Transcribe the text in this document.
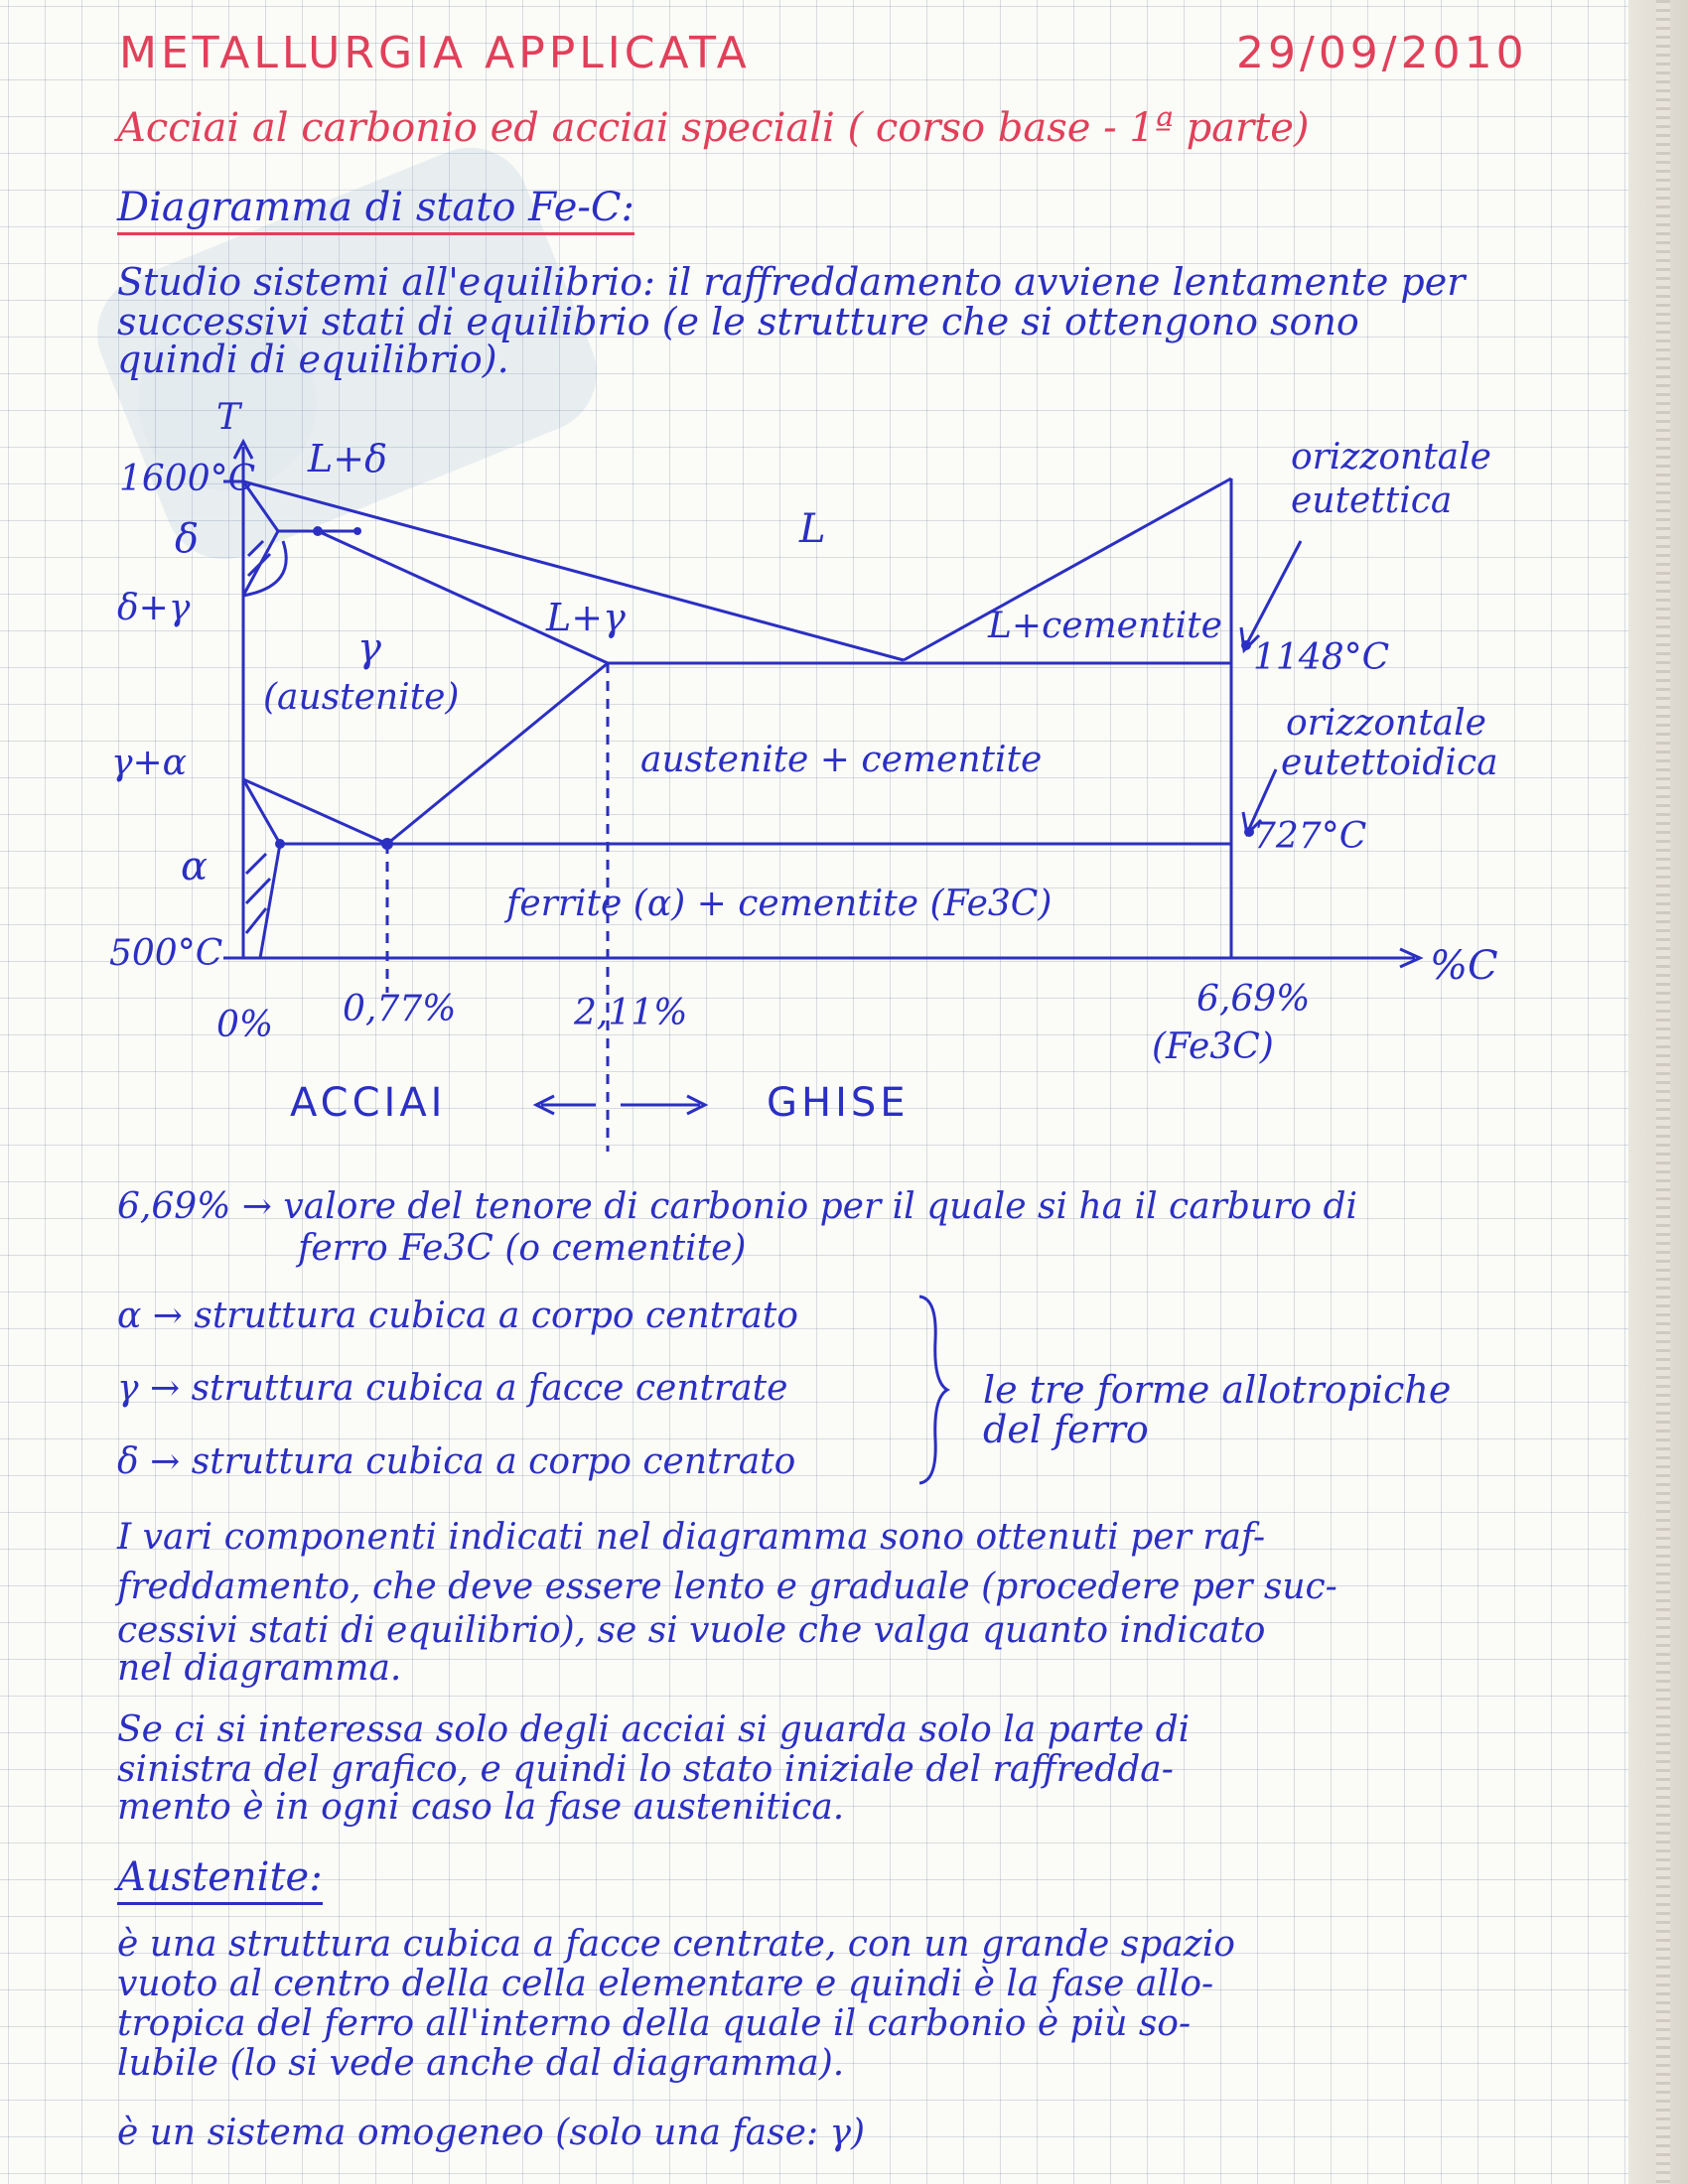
METALLURGIA APPLICATA	29/09/2010
Acciai al carbonio ed acciai speciali ( corso base - 1ª parte)
Diagramma di stato Fe-C:
Studio sistemi all'equilibrio: il raffreddamento avviene lentamente per
successivi stati di equilibrio (e le strutture che si ottengono sono
quindi di equilibrio).
T
1600°C
500°C
δ
δ+γ
γ+α
α
L+δ
L
L+γ	L+cementite
γ
(austenite)
austenite + cementite
ferrite (α) + cementite (Fe3C)
orizzontale
eutettica
1148°C
orizzontale
eutettoidica
727°C
%C
0% 0,77%	2,11%	6,69%
(Fe3C)
ACCIAI	GHISE
6,69% → valore del tenore di carbonio per il quale si ha il carburo di
ferro Fe3C (o cementite)
α → struttura cubica a corpo centrato
γ → struttura cubica a facce centrate
δ → struttura cubica a corpo centrato
le tre forme allotropiche
del ferro
I vari componenti indicati nel diagramma sono ottenuti per raf-
freddamento, che deve essere lento e graduale (procedere per suc-
cessivi stati di equilibrio), se si vuole che valga quanto indicato
nel diagramma.
Se ci si interessa solo degli acciai si guarda solo la parte di
sinistra del grafico, e quindi lo stato iniziale del raffredda-
mento è in ogni caso la fase austenitica.
Austenite:
è una struttura cubica a facce centrate, con un grande spazio
vuoto al centro della cella elementare e quindi è la fase allo-
tropica del ferro all'interno della quale il carbonio è più so-
lubile (lo si vede anche dal diagramma).
è un sistema omogeneo (solo una fase: γ)
